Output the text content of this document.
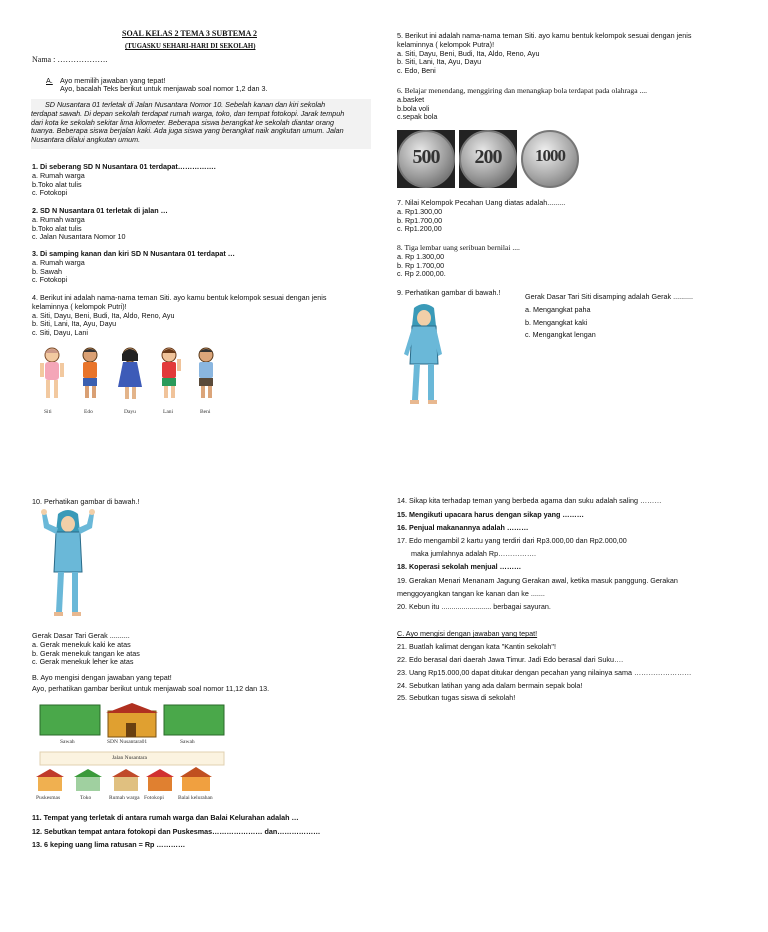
SOAL KELAS 2 TEMA 3 SUBTEMA 2
(TUGASKU SEHARI-HARI DI SEKOLAH)
Nama : ……………….
A. Ayo memilih jawaban yang tepat!
Ayo, bacalah Teks berikut untuk menjawab soal nomor 1,2 dan 3.
SD Nusantara 01 terletak di Jalan Nusantara Nomor 10. Sebelah kanan dan kiri sekolah
terdapat sawah. Di depan sekolah terdapat rumah warga, toko, dan tempat fotokopi. Jarak tempuh
dari kota ke sekolah sekitar lima kilometer. Beberapa siswa berangkat ke sekolah diantar orang
tuanya. Beberapa siswa berjalan kaki. Ada juga siswa yang berangkat naik angkutan umum. Jalan
Nusantara dilalui angkutan umum.
1. Di seberang SD N Nusantara 01 terdapat…………….
a. Rumah warga
b.Toko alat tulis
c. Fotokopi
2. SD N Nusantara 01 terletak di jalan …
a. Rumah warga
b.Toko alat tulis
c. Jalan Nusantara Nomor 10
3. Di samping kanan dan kiri SD N Nusantara 01 terdapat …
a. Rumah warga
b. Sawah
c. Fotokopi
4. Berikut ini adalah nama-nama teman Siti. ayo kamu bentuk kelompok sesuai dengan jenis
kelaminnya ( kelompok Putri)!
a. Siti, Dayu, Beni, Budi, Ita, Aldo, Reno, Ayu
b. Siti, Lani, Ita, Ayu, Dayu
c. Siti, Dayu, Lani
Siti	Edo	Dayu	Lani	Beni
5. Berikut ini adalah nama-nama teman Siti. ayo kamu bentuk kelompok sesuai dengan jenis
kelaminnya ( kelompok Putra)!
a. Siti, Dayu, Beni, Budi, Ita, Aldo, Reno, Ayu
b. Siti, Lani, Ita, Ayu, Dayu
c. Edo, Beni
6. Belajar menendang, menggiring dan menangkap bola terdapat pada olahraga ....
a.basket
b.bola voli
c.sepak bola
500	200	1000
7. Nilai Kelompok Pecahan Uang diatas adalah.........
a. Rp1.300,00
b. Rp1.700,00
c. Rp1.200,00
8. Tiga lembar uang seribuan bernilai ....
a. Rp 1.300,00
b. Rp 1.700,00
c. Rp 2.000,00.
9. Perhatikan gambar di bawah.!	Gerak Dasar Tari Siti disamping adalah Gerak ..........
a. Mengangkat paha
b. Mengangkat kaki
c. Mengangkat lengan
10. Perhatikan gambar di bawah.!
Gerak Dasar Tari Gerak ..........
a. Gerak menekuk kaki ke atas
b. Gerak menekuk tangan ke atas
c. Gerak menekuk leher ke atas
B. Ayo mengisi dengan jawaban yang tepat!
Ayo, perhatikan gambar berikut untuk menjawab soal nomor 11,12 dan 13.
Sawah	SDN Nusantara01	Sawah
Jalan Nusantara
Puskesmas	Toko	Rumah warga Fotokopi	Balai kelurahan
11. Tempat yang terletak di antara rumah warga dan Balai Kelurahan adalah …
12. Sebutkan tempat antara fotokopi dan Puskesmas………………… dan………………
13. 6 keping uang lima ratusan = Rp …………
14. Sikap kita terhadap teman yang berbeda agama dan suku adalah saling ………
15. Mengikuti upacara harus dengan sikap yang ………
16. Penjual makanannya adalah ………
17. Edo mengambil 2 kartu yang terdiri dari Rp3.000,00 dan Rp2.000,00
maka jumlahnya adalah Rp…………….
18. Koperasi sekolah menjual ………
19. Gerakan Menari Menanam Jagung Gerakan awal, ketika masuk panggung. Gerakan
menggoyangkan tangan ke kanan dan ke .......
20. Kebun itu ......................... berbagai sayuran.
C. Ayo mengisi dengan jawaban yang tepat!
21. Buatlah kalimat dengan kata "Kantin sekolah"!
22. Edo berasal dari daerah Jawa Timur. Jadi Edo berasal dari Suku….
23. Uang Rp15.000,00 dapat ditukar dengan pecahan yang nilainya sama ……………………
24. Sebutkan latihan yang ada dalam bermain sepak bola!
25. Sebutkan tugas siswa di sekolah!
